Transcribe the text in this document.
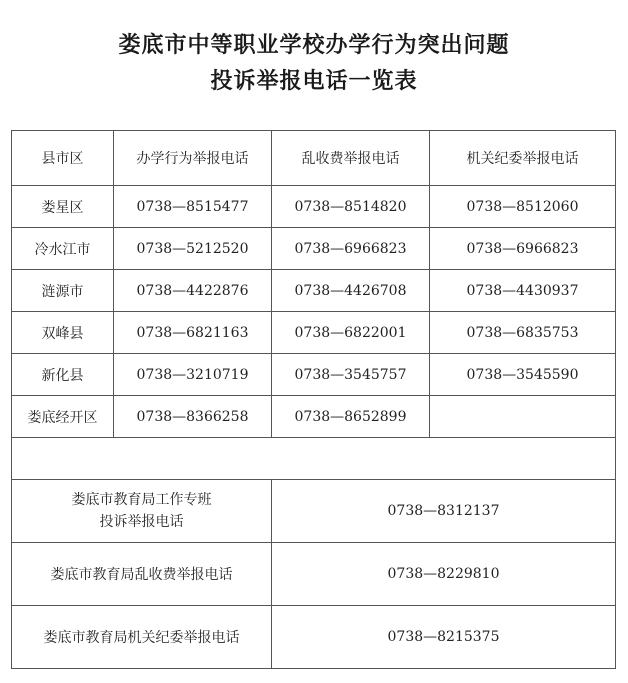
娄底市中等职业学校办学行为突出问题
投诉举报电话一览表
县市区	办学行为举报电话	乱收费举报电话	机关纪委举报电话
娄星区	0738—8515477	0738—8514820	0738—8512060
冷水江市	0738—5212520	0738—6966823	0738—6966823
涟源市	0738—4422876	0738—4426708	0738—4430937
双峰县	0738—6821163	0738—6822001	0738—6835753
新化县	0738—3210719	0738—3545757	0738—3545590
娄底经开区	0738—8366258	0738—8652899	

娄底市教育局工作专班
投诉举报电话		0738—8312137	
娄底市教育局乱收费举报电话		0738—8229810	
娄底市教育局机关纪委举报电话		0738—8215375	
